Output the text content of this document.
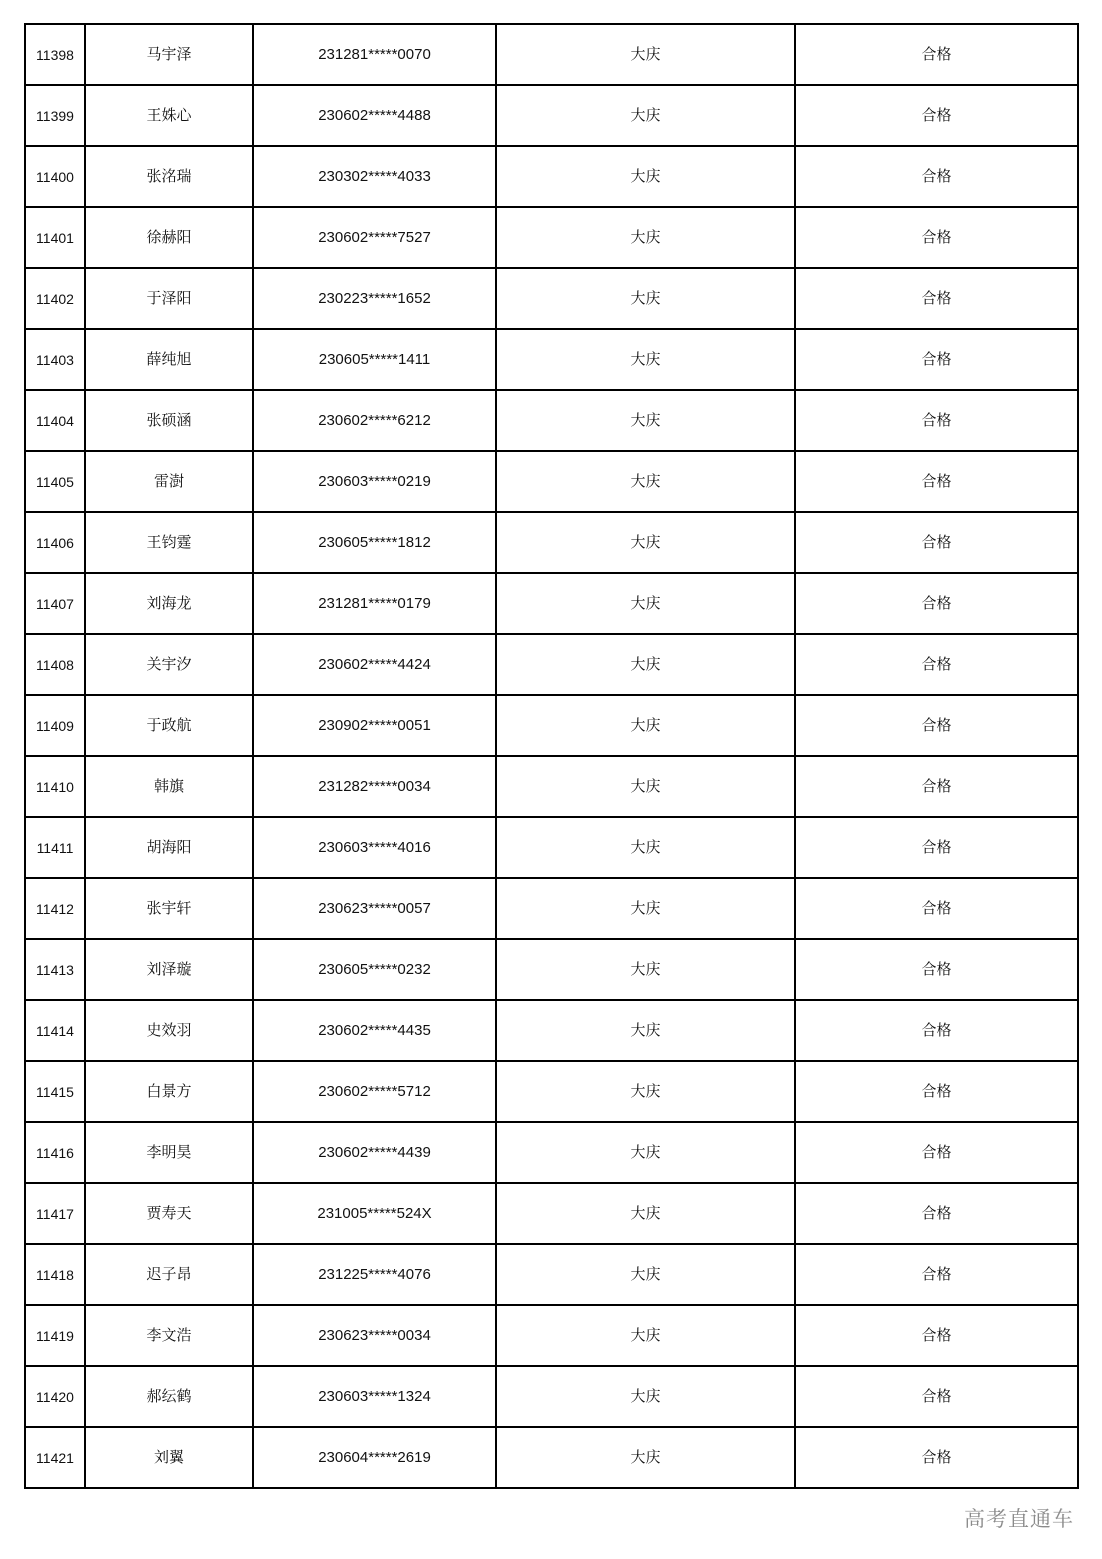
11398	马宇泽	231281*****0070	大庆	合格
11399	王姝心	230602*****4488	大庆	合格
11400	张洺瑞	230302*****4033	大庆	合格
11401	徐赫阳	230602*****7527	大庆	合格
11402	于泽阳	230223*****1652	大庆	合格
11403	薛纯旭	230605*****1411	大庆	合格
11404	张硕涵	230602*****6212	大庆	合格
11405	雷澍	230603*****0219	大庆	合格
11406	王钧霆	230605*****1812	大庆	合格
11407	刘海龙	231281*****0179	大庆	合格
11408	关宇汐	230602*****4424	大庆	合格
11409	于政航	230902*****0051	大庆	合格
11410	韩旗	231282*****0034	大庆	合格
11411	胡海阳	230603*****4016	大庆	合格
11412	张宇轩	230623*****0057	大庆	合格
11413	刘泽璇	230605*****0232	大庆	合格
11414	史效羽	230602*****4435	大庆	合格
11415	白景方	230602*****5712	大庆	合格
11416	李明昊	230602*****4439	大庆	合格
11417	贾寿天	231005*****524X	大庆	合格
11418	迟子昂	231225*****4076	大庆	合格
11419	李文浩	230623*****0034	大庆	合格
11420	郝纭鹤	230603*****1324	大庆	合格
11421	刘翼	230604*****2619	大庆	合格
高考直通车
